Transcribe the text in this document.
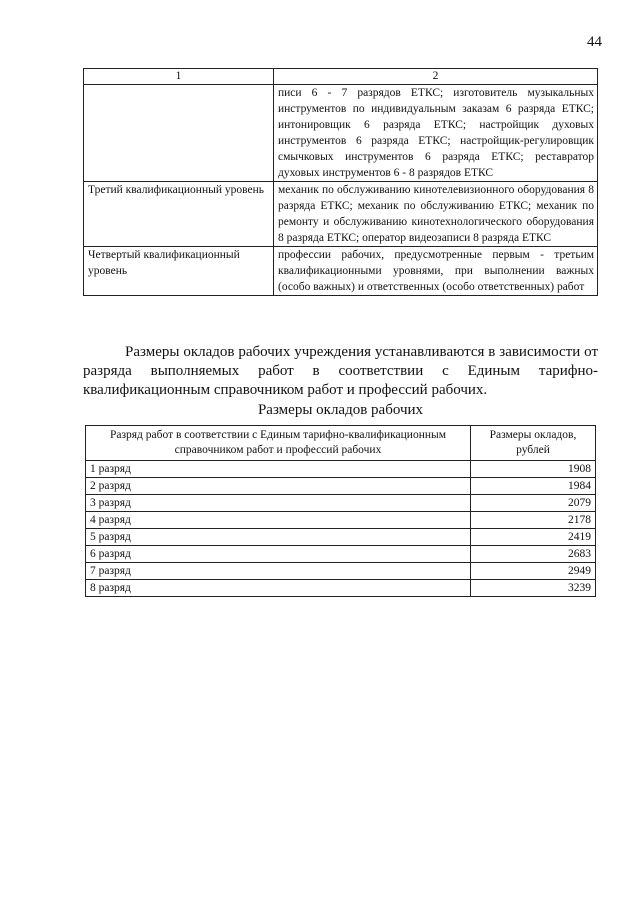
44
1	2
	писи 6 - 7 разрядов ЕТКС; изготовитель музыкальных инструментов по индивидуальным заказам 6 разряда ЕТКС; интонировщик 6 разряда ЕТКС; настройщик духовых инструментов 6 разряда ЕТКС; настройщик-регулировщик смычковых инструментов 6 разряда ЕТКС; реставратор духовых инструментов 6 - 8 разрядов ЕТКС
Третий квалификационный уровень	механик по обслуживанию кинотелевизионного оборудования 8 разряда ЕТКС; механик по обслуживанию ЕТКС; механик по ремонту и обслуживанию кинотехнологического оборудования 8 разряда ЕТКС; оператор видеозаписи 8 разряда ЕТКС
Четвертый квалификационный уровень	профессии рабочих, предусмотренные первым - третьим квалификационными уровнями, при выполнении важных (особо важных) и ответственных (особо ответственных) работ

Размеры окладов рабочих учреждения устанавливаются в зависимости от разряда выполняемых работ в соответствии с Единым тарифно-квалификационным справочником работ и профессий рабочих.

Размеры окладов рабочих

Разряд работ в соответствии с Единым тарифно-квалификационным справочником работ и профессий рабочих	Размеры окладов, рублей
1 разряд	1908
2 разряд	1984
3 разряд	2079
4 разряд	2178
5 разряд	2419
6 разряд	2683
7 разряд	2949
8 разряд	3239
